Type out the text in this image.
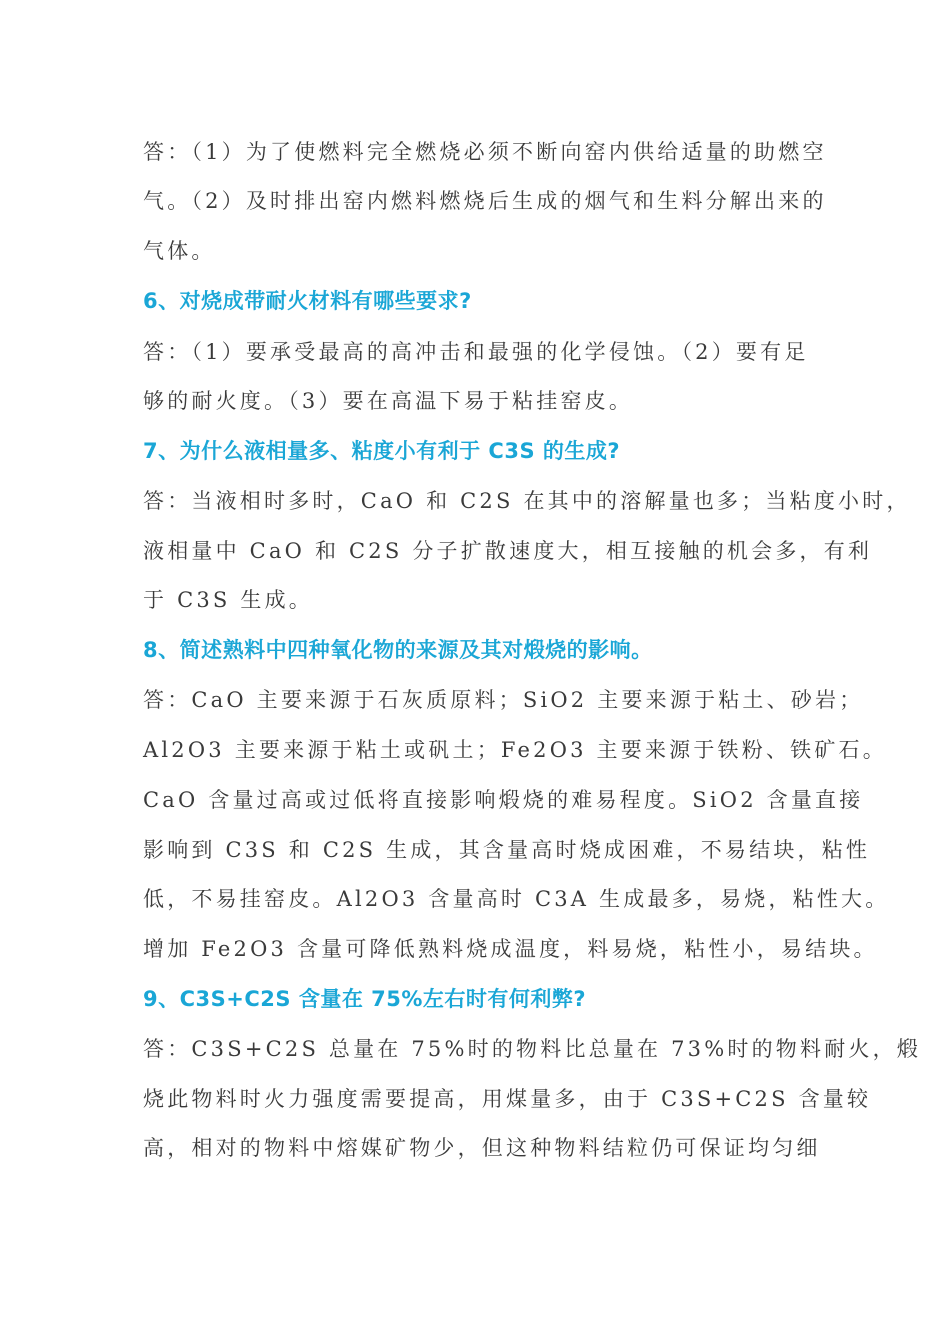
答：（1）为了使燃料完全燃烧必须不断向窑内供给适量的助燃空
气。（2）及时排出窑内燃料燃烧后生成的烟气和生料分解出来的
气体。
6、对烧成带耐火材料有哪些要求?
答：（1）要承受最高的高冲击和最强的化学侵蚀。（2）要有足
够的耐火度。（3）要在高温下易于粘挂窑皮。
7、为什么液相量多、粘度小有利于 C3S 的生成?
答：当液相时多时，CaO 和 C2S 在其中的溶解量也多；当粘度小时，
液相量中 CaO 和 C2S 分子扩散速度大，相互接触的机会多，有利
于 C3S 生成。
8、简述熟料中四种氧化物的来源及其对煅烧的影响。
答：CaO 主要来源于石灰质原料；SiO2 主要来源于粘土、砂岩；
Al2O3 主要来源于粘土或矾土；Fe2O3 主要来源于铁粉、铁矿石。
CaO 含量过高或过低将直接影响煅烧的难易程度。SiO2 含量直接
影响到 C3S 和 C2S 生成，其含量高时烧成困难，不易结块，粘性
低，不易挂窑皮。Al2O3 含量高时 C3A 生成最多，易烧，粘性大。
增加 Fe2O3 含量可降低熟料烧成温度，料易烧，粘性小，易结块。
9、C3S+C2S 含量在 75%左右时有何利弊?
答：C3S+C2S 总量在 75%时的物料比总量在 73%时的物料耐火，煅
烧此物料时火力强度需要提高，用煤量多，由于 C3S+C2S 含量较
高，相对的物料中熔媒矿物少，但这种物料结粒仍可保证均匀细
